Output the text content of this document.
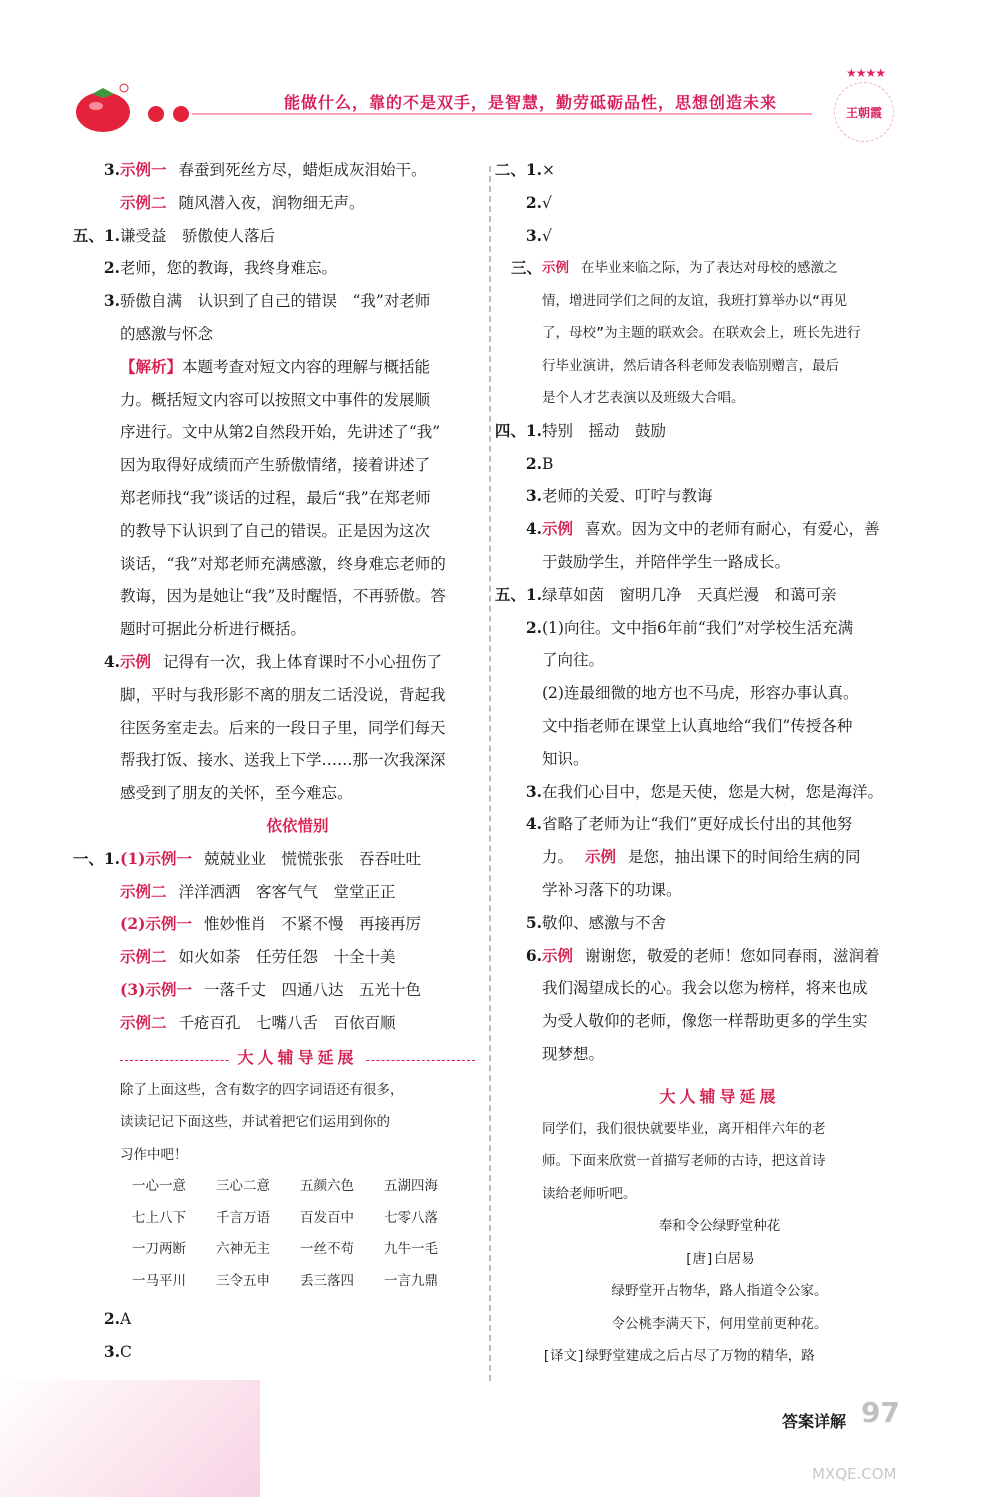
能做什么，靠的不是双手，是智慧，勤劳砥砺品性，思想创造未来
★★★★
王朝霞
3. 示例一 春蚕到死丝方尽，蜡炬成灰泪始干。
示例二 随风潜入夜，润物细无声。
五、1. 谦受益　骄傲使人落后
2. 老师，您的教诲，我终身难忘。
3. 骄傲自满　认识到了自己的错误　“我”对老师
的感激与怀念
【解析】本题考查对短文内容的理解与概括能
力。概括短文内容可以按照文中事件的发展顺
序进行。文中从第2自然段开始，先讲述了“我”
因为取得好成绩而产生骄傲情绪，接着讲述了
郑老师找“我”谈话的过程，最后“我”在郑老师
的教导下认识到了自己的错误。正是因为这次
谈话，“我”对郑老师充满感激，终身难忘老师的
教诲，因为是她让“我”及时醒悟，不再骄傲。答
题时可据此分析进行概括。
4. 示例 记得有一次，我上体育课时不小心扭伤了
脚，平时与我形影不离的朋友二话没说，背起我
往医务室走去。后来的一段日子里，同学们每天
帮我打饭、接水、送我上下学……那一次我深深
感受到了朋友的关怀，至今难忘。
依依惜别
一、1. (1)示例一 兢兢业业　慌慌张张　吞吞吐吐
示例二 洋洋洒洒　客客气气　堂堂正正
(2)示例一 惟妙惟肖　不紧不慢　再接再厉
示例二 如火如荼　任劳任怨　十全十美
(3)示例一 一落千丈　四通八达　五光十色
示例二 千疮百孔　七嘴八舌　百依百顺
大人辅导延展
除了上面这些，含有数字的四字词语还有很多，
读读记记下面这些，并试着把它们运用到你的
习作中吧！
一心一意	三心二意	五颜六色	五湖四海
七上八下	千言万语	百发百中	七零八落
一刀两断	六神无主	一丝不苟	九牛一毛
一马平川	三令五申	丢三落四	一言九鼎
2. A
3. C
二、1. ×
2. √
3. √
三、 示例 在毕业来临之际，为了表达对母校的感激之
情，增进同学们之间的友谊，我班打算举办以“再见
了，母校”为主题的联欢会。在联欢会上，班长先进行
行毕业演讲，然后请各科老师发表临别赠言，最后
是个人才艺表演以及班级大合唱。
四、1. 特别　摇动　鼓励
2. B
3. 老师的关爱、叮咛与教诲
4. 示例 喜欢。因为文中的老师有耐心，有爱心，善
于鼓励学生，并陪伴学生一路成长。
五、1. 绿草如茵　窗明几净　天真烂漫　和蔼可亲
2. (1)向往。文中指6年前“我们”对学校生活充满
了向往。
(2)连最细微的地方也不马虎，形容办事认真。
文中指老师在课堂上认真地给“我们”传授各种
知识。
3. 在我们心目中，您是天使，您是大树，您是海洋。
4. 省略了老师为让“我们”更好成长付出的其他努
力。 示例 是您，抽出课下的时间给生病的同
学补习落下的功课。
5. 敬仰、感激与不舍
6. 示例 谢谢您，敬爱的老师！您如同春雨，滋润着
我们渴望成长的心。我会以您为榜样，将来也成
为受人敬仰的老师，像您一样帮助更多的学生实
现梦想。
大人辅导延展
同学们，我们很快就要毕业，离开相伴六年的老
师。下面来欣赏一首描写老师的古诗，把这首诗
读给老师听吧。
奉和令公绿野堂种花
[唐]白居易
绿野堂开占物华，路人指道令公家。
令公桃李满天下，何用堂前更种花。
[译文]绿野堂建成之后占尽了万物的精华，路
答案详解 97
MXQE.COM
